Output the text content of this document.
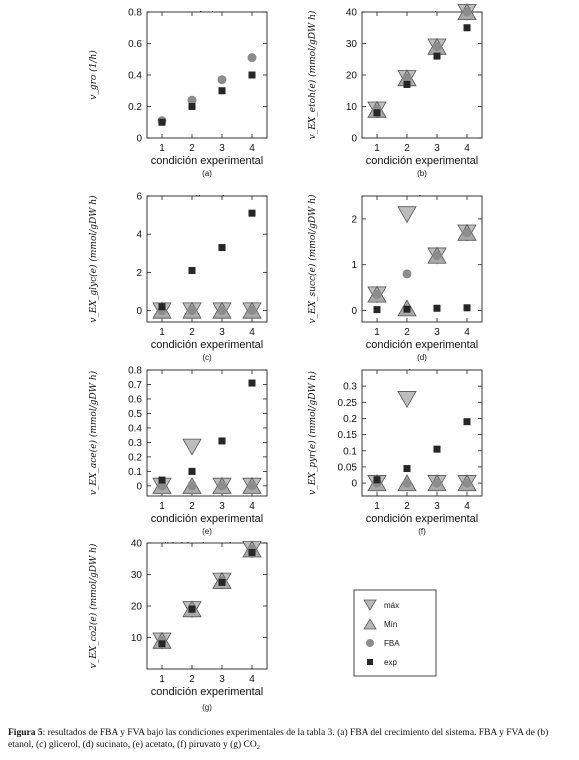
0
0.2
0.4
0.6
0.8
1 2 3 4
condición experimental
v_gro (1/h)
(a)
0
10
20
30
40
1 2 3 4
condición experimental
v_EX_etoh(e) (mmol/gDW h)
(b)
0
2
4
6
1 2 3 4
condición experimental
v_EX_glyc(e) (mmol/gDW h)
(c)
0
1
2
1 2 3 4
condición experimental
v_EX_succ(e) (mmol/gDW h)
(d)
0
0.1
0.2
0.3
0.4
0.5
0.6
0.7
0.8
1 2 3 4
condición experimental
v_EX_ace(e) (mmol/gDW h)
(e)
0
0.05
0.1
0.15
0.2
0.25
0.3
1 2 3 4
condición experimental
v_EX_pyr(e) (mmol/gDW h)
(f)
10
20
30
40
1 2 3 4
condición experimental
v_EX_co2(e) (mmol/gDW h)
(g)
máx
Mín
FBA
exp
Figura 5: resultados de FBA y FVA bajo las condiciones experimentales de la tabla 3. (a) FBA del crecimiento del sistema. FBA y FVA de (b) etanol, (c) glicerol, (d) sucinato, (e) acetato, (f) piruvato y (g) CO₂
